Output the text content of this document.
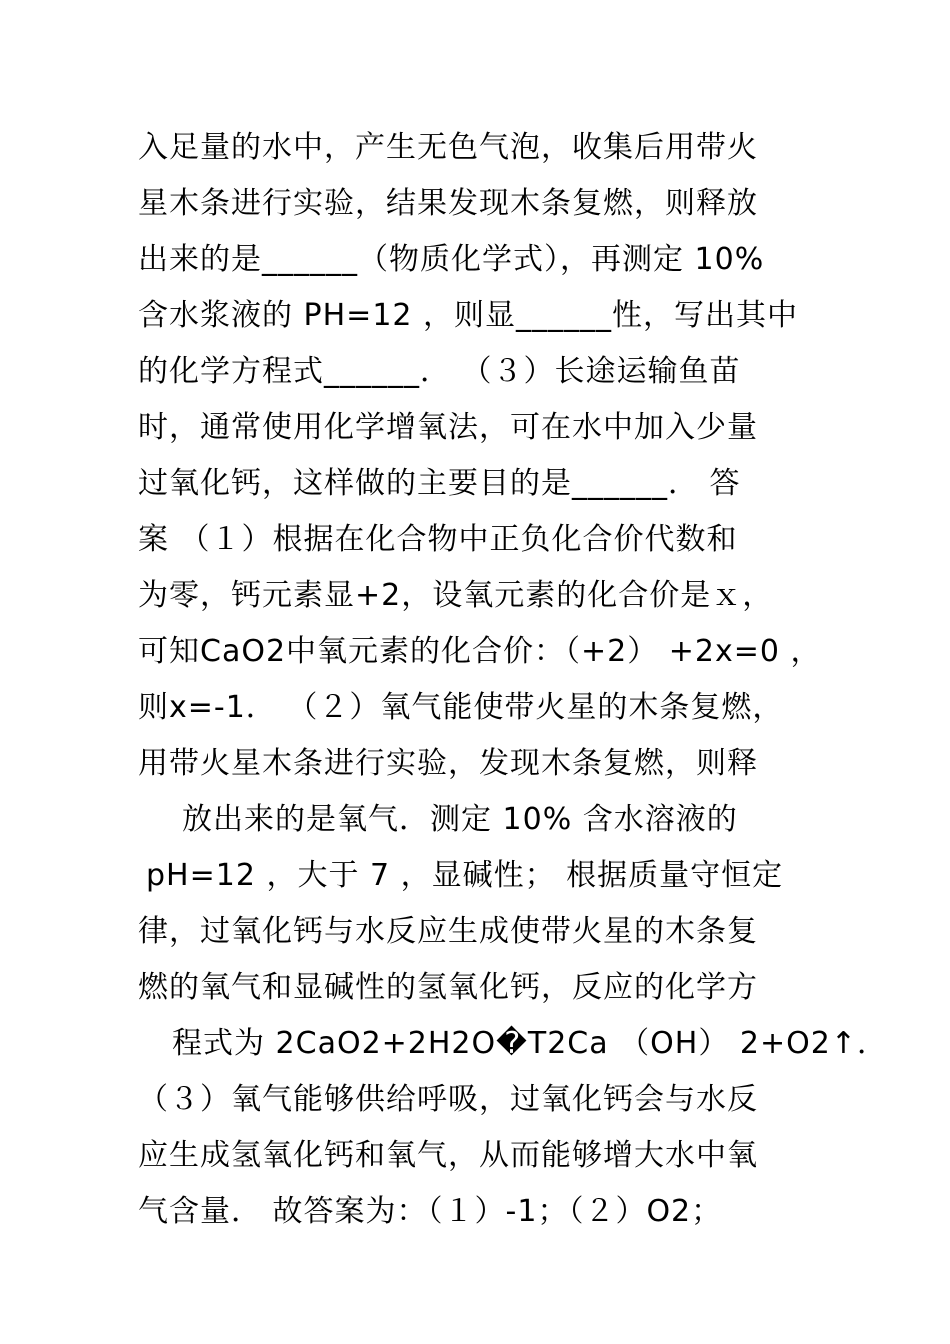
入足量的水中，产生无色气泡，收集后用带火
星木条进行实验，结果发现木条复燃，则释放
出来的是______（物质化学式），再测定 10%
含水浆液的 PH=12 ，则显______性，写出其中
的化学方程式______． （３）长途运输鱼苗
时，通常使用化学增氧法，可在水中加入少量
过氧化钙，这样做的主要目的是______． 答
案 （１）根据在化合物中正负化合价代数和
为零，钙元素显+2，设氧元素的化合价是ｘ，
可知CaO2中氧元素的化合价：（+2） +2x=0 ，
则x=-1． （２）氧气能使带火星的木条复燃，
用带火星木条进行实验，发现木条复燃，则释
放出来的是氧气．测定 10% 含水溶液的
pH=12 ，大于 7 ，显碱性； 根据质量守恒定
律，过氧化钙与水反应生成使带火星的木条复
燃的氧气和显碱性的氢氧化钙，反应的化学方
程式为 2CaO2+2H2O�T2Ca （OH） 2+O2↑．
（３）氧气能够供给呼吸，过氧化钙会与水反
应生成氢氧化钙和氧气，从而能够增大水中氧
气含量． 故答案为：（１）-1；（２）O2；
